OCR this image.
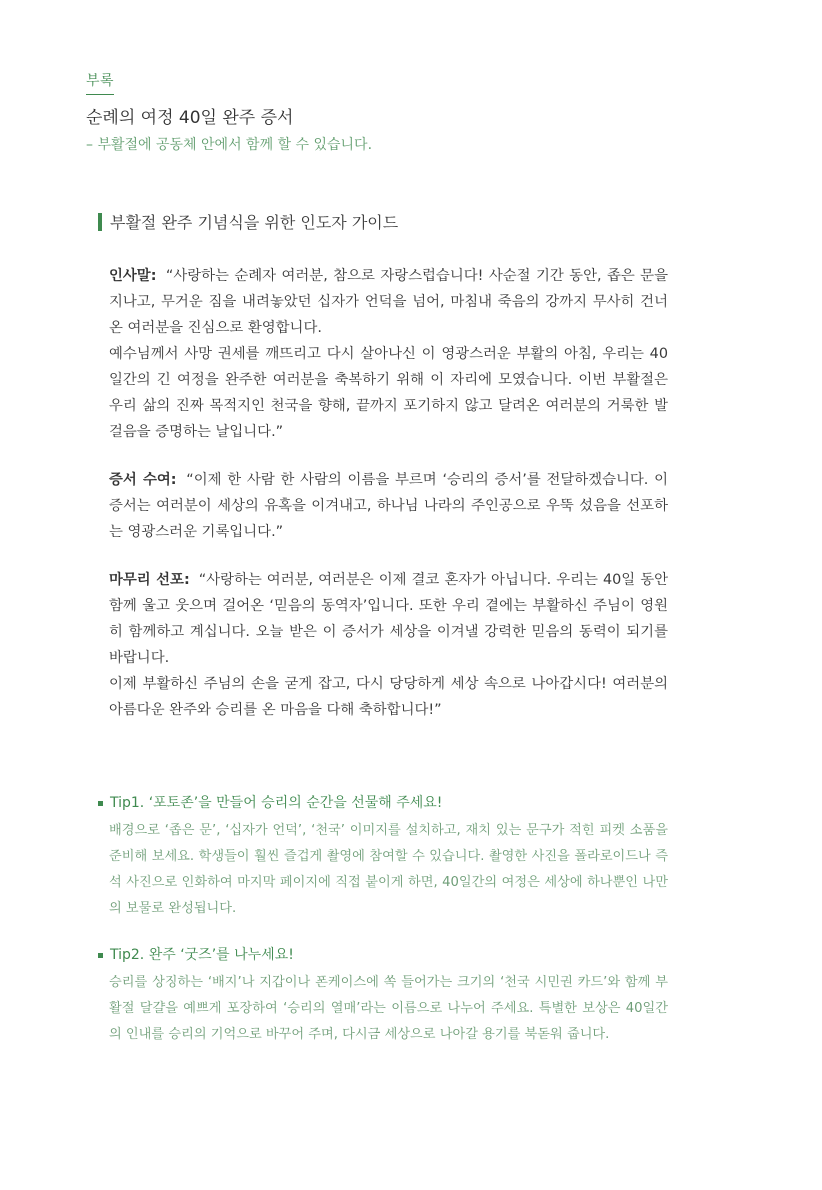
부록
순례의 여정 40일 완주 증서
– 부활절에 공동체 안에서 함께 할 수 있습니다.
부활절 완주 기념식을 위한 인도자 가이드

인사말: “사랑하는 순례자 여러분, 참으로 자랑스럽습니다! 사순절 기간 동안, 좁은 문을 지나고, 무거운 짐을 내려놓았던 십자가 언덕을 넘어, 마침내 죽음의 강까지 무사히 건너온 여러분을 진심으로 환영합니다.

예수님께서 사망 권세를 깨뜨리고 다시 살아나신 이 영광스러운 부활의 아침, 우리는 40일간의 긴 여정을 완주한 여러분을 축복하기 위해 이 자리에 모였습니다. 이번 부활절은 우리 삶의 진짜 목적지인 천국을 향해, 끝까지 포기하지 않고 달려온 여러분의 거룩한 발걸음을 증명하는 날입니다.”

증서 수여: “이제 한 사람 한 사람의 이름을 부르며 ‘승리의 증서’를 전달하겠습니다. 이 증서는 여러분이 세상의 유혹을 이겨내고, 하나님 나라의 주인공으로 우뚝 섰음을 선포하는 영광스러운 기록입니다.”

마무리 선포: “사랑하는 여러분, 여러분은 이제 결코 혼자가 아닙니다. 우리는 40일 동안 함께 울고 웃으며 걸어온 ‘믿음의 동역자’입니다. 또한 우리 곁에는 부활하신 주님이 영원히 함께하고 계십니다. 오늘 받은 이 증서가 세상을 이겨낼 강력한 믿음의 동력이 되기를 바랍니다.

이제 부활하신 주님의 손을 굳게 잡고, 다시 당당하게 세상 속으로 나아갑시다! 여러분의 아름다운 완주와 승리를 온 마음을 다해 축하합니다!”

Tip1. ‘포토존’을 만들어 승리의 순간을 선물해 주세요!

배경으로 ‘좁은 문’, ‘십자가 언덕’, ‘천국’ 이미지를 설치하고, 재치 있는 문구가 적힌 피켓 소품을 준비해 보세요. 학생들이 훨씬 즐겁게 촬영에 참여할 수 있습니다. 촬영한 사진을 폴라로이드나 즉석 사진으로 인화하여 마지막 페이지에 직접 붙이게 하면, 40일간의 여정은 세상에 하나뿐인 나만의 보물로 완성됩니다.

Tip2. 완주 ‘굿즈’를 나누세요!

승리를 상징하는 ‘배지’나 지갑이나 폰케이스에 쏙 들어가는 크기의 ‘천국 시민권 카드’와 함께 부활절 달걀을 예쁘게 포장하여 ‘승리의 열매’라는 이름으로 나누어 주세요. 특별한 보상은 40일간의 인내를 승리의 기억으로 바꾸어 주며, 다시금 세상으로 나아갈 용기를 북돋워 줍니다.
